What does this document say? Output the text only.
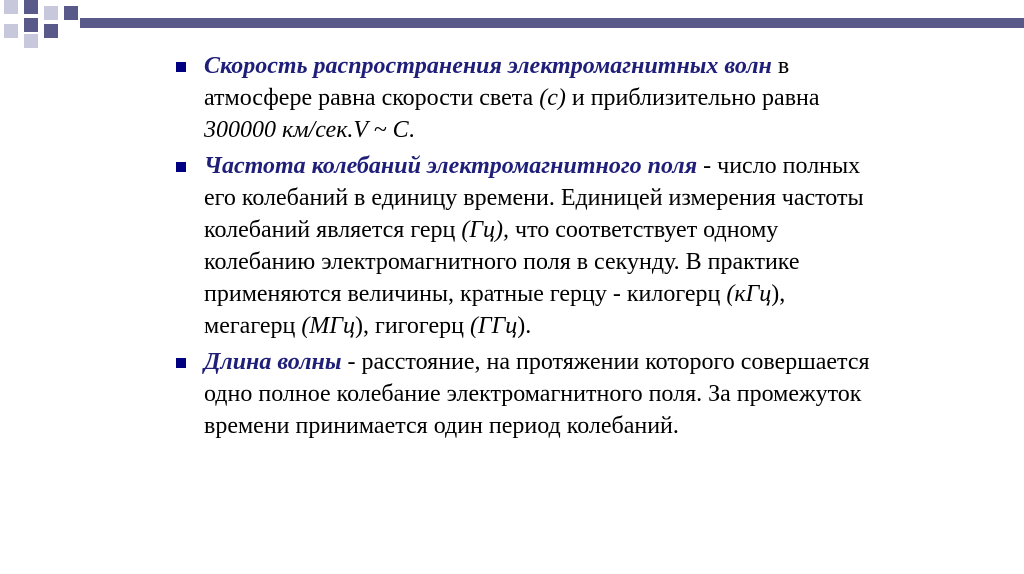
Скорость распространения электромагнитных волн в атмосфере равна скорости света (c) и приблизительно равна 300000 км/сек.V ~ C.
Частота колебаний электромагнитного поля - число полных его колебаний в единицу времени. Единицей измерения частоты колебаний является герц (Гц), что соответствует одному колебанию электромагнитного поля в секунду. В практике применяются величины, кратные герцу - килогерц (кГц), мегагерц (МГц), гигогерц (ГГц).
Длина волны - расстояние, на протяжении которого совершается одно полное колебание электромагнитного поля. За промежуток времени принимается один период колебаний.
